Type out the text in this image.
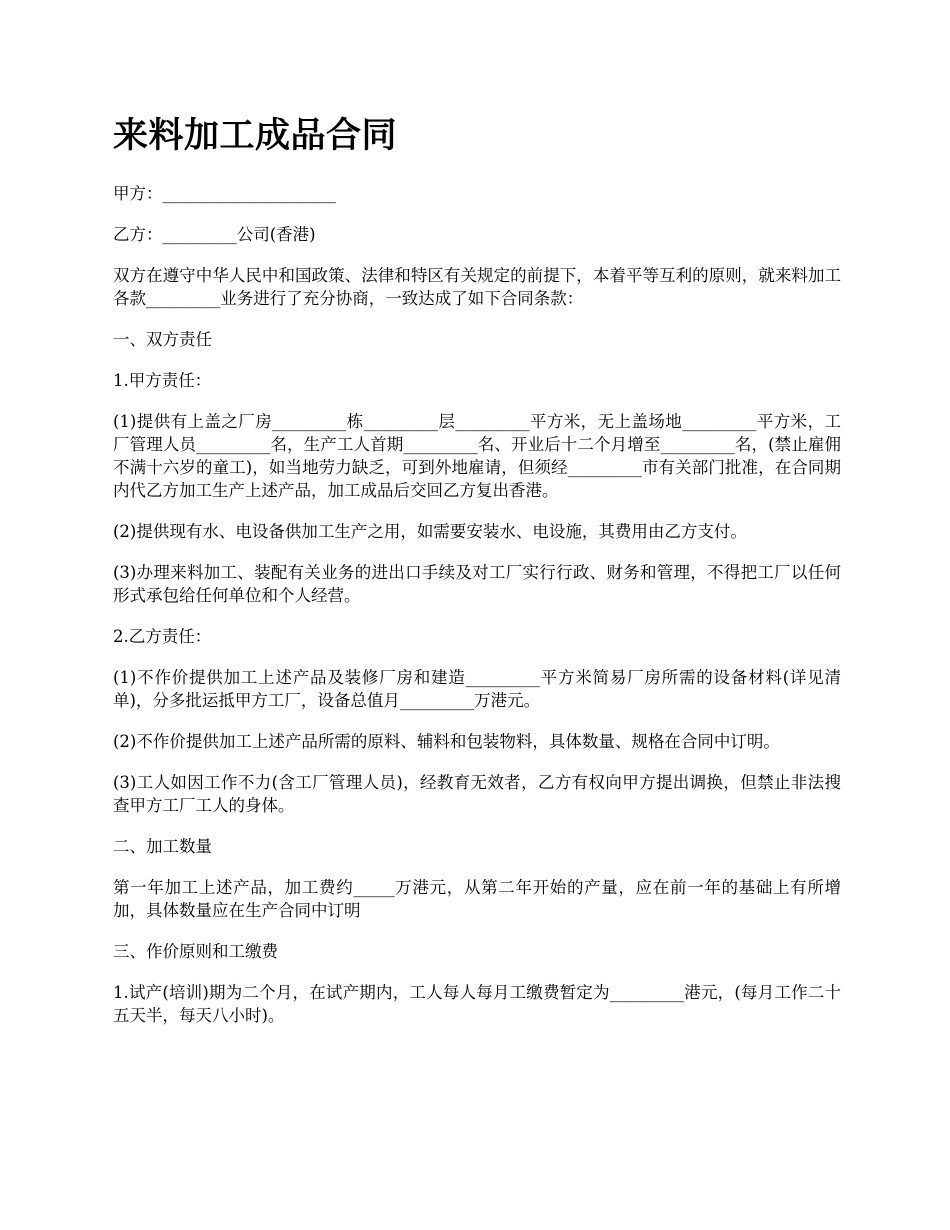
来料加工成品合同

甲方：_____________________

乙方：_________公司(香港)

双方在遵守中华人民中和国政策、法律和特区有关规定的前提下，本着平等互利的原则，就来料加工各款_________业务进行了充分协商，一致达成了如下合同条款：

一、双方责任

1.甲方责任：

(1)提供有上盖之厂房_________栋_________层_________平方米，无上盖场地_________平方米，工厂管理人员_________名，生产工人首期_________名、开业后十二个月增至_________名，(禁止雇佣不满十六岁的童工)，如当地劳力缺乏，可到外地雇请，但须经_________市有关部门批准，在合同期内代乙方加工生产上述产品，加工成品后交回乙方复出香港。

(2)提供现有水、电设备供加工生产之用，如需要安装水、电设施，其费用由乙方支付。

(3)办理来料加工、装配有关业务的进出口手续及对工厂实行行政、财务和管理，不得把工厂以任何形式承包给任何单位和个人经营。

2.乙方责任：

(1)不作价提供加工上述产品及装修厂房和建造_________平方米简易厂房所需的设备材料(详见清单)，分多批运抵甲方工厂，设备总值月_________万港元。

(2)不作价提供加工上述产品所需的原料、辅料和包装物料，具体数量、规格在合同中订明。

(3)工人如因工作不力(含工厂管理人员)，经教育无效者，乙方有权向甲方提出调换，但禁止非法搜查甲方工厂工人的身体。

二、加工数量

第一年加工上述产品，加工费约_____万港元，从第二年开始的产量，应在前一年的基础上有所增加，具体数量应在生产合同中订明

三、作价原则和工缴费

1.试产(培训)期为二个月，在试产期内，工人每人每月工缴费暂定为_________港元，(每月工作二十五天半，每天八小时)。
